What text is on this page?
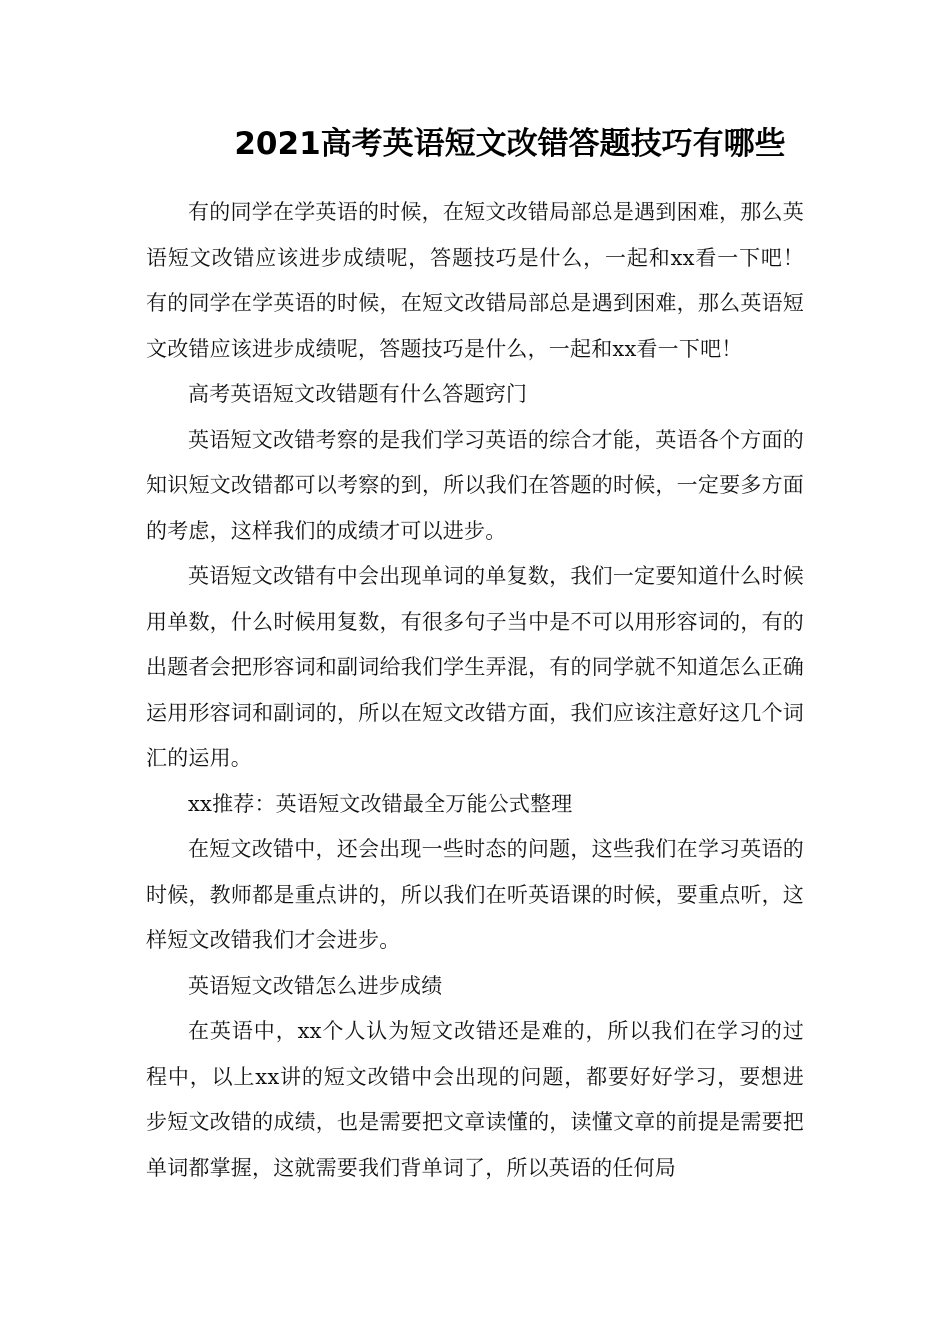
2021高考英语短文改错答题技巧有哪些

有的同学在学英语的时候，在短文改错局部总是遇到困难，那么英语短文改错应该进步成绩呢，答题技巧是什么，一起和xx看一下吧！有的同学在学英语的时候，在短文改错局部总是遇到困难，那么英语短文改错应该进步成绩呢，答题技巧是什么，一起和xx看一下吧！

高考英语短文改错题有什么答题窍门

英语短文改错考察的是我们学习英语的综合才能，英语各个方面的知识短文改错都可以考察的到，所以我们在答题的时候，一定要多方面的考虑，这样我们的成绩才可以进步。

英语短文改错有中会出现单词的单复数，我们一定要知道什么时候用单数，什么时候用复数，有很多句子当中是不可以用形容词的，有的出题者会把形容词和副词给我们学生弄混，有的同学就不知道怎么正确运用形容词和副词的，所以在短文改错方面，我们应该注意好这几个词汇的运用。

xx推荐：英语短文改错最全万能公式整理

在短文改错中，还会出现一些时态的问题，这些我们在学习英语的时候，教师都是重点讲的，所以我们在听英语课的时候，要重点听，这样短文改错我们才会进步。

英语短文改错怎么进步成绩

在英语中，xx个人认为短文改错还是难的，所以我们在学习的过程中，以上xx讲的短文改错中会出现的问题，都要好好学习，要想进步短文改错的成绩，也是需要把文章读懂的，读懂文章的前提是需要把单词都掌握，这就需要我们背单词了，所以英语的任何局
